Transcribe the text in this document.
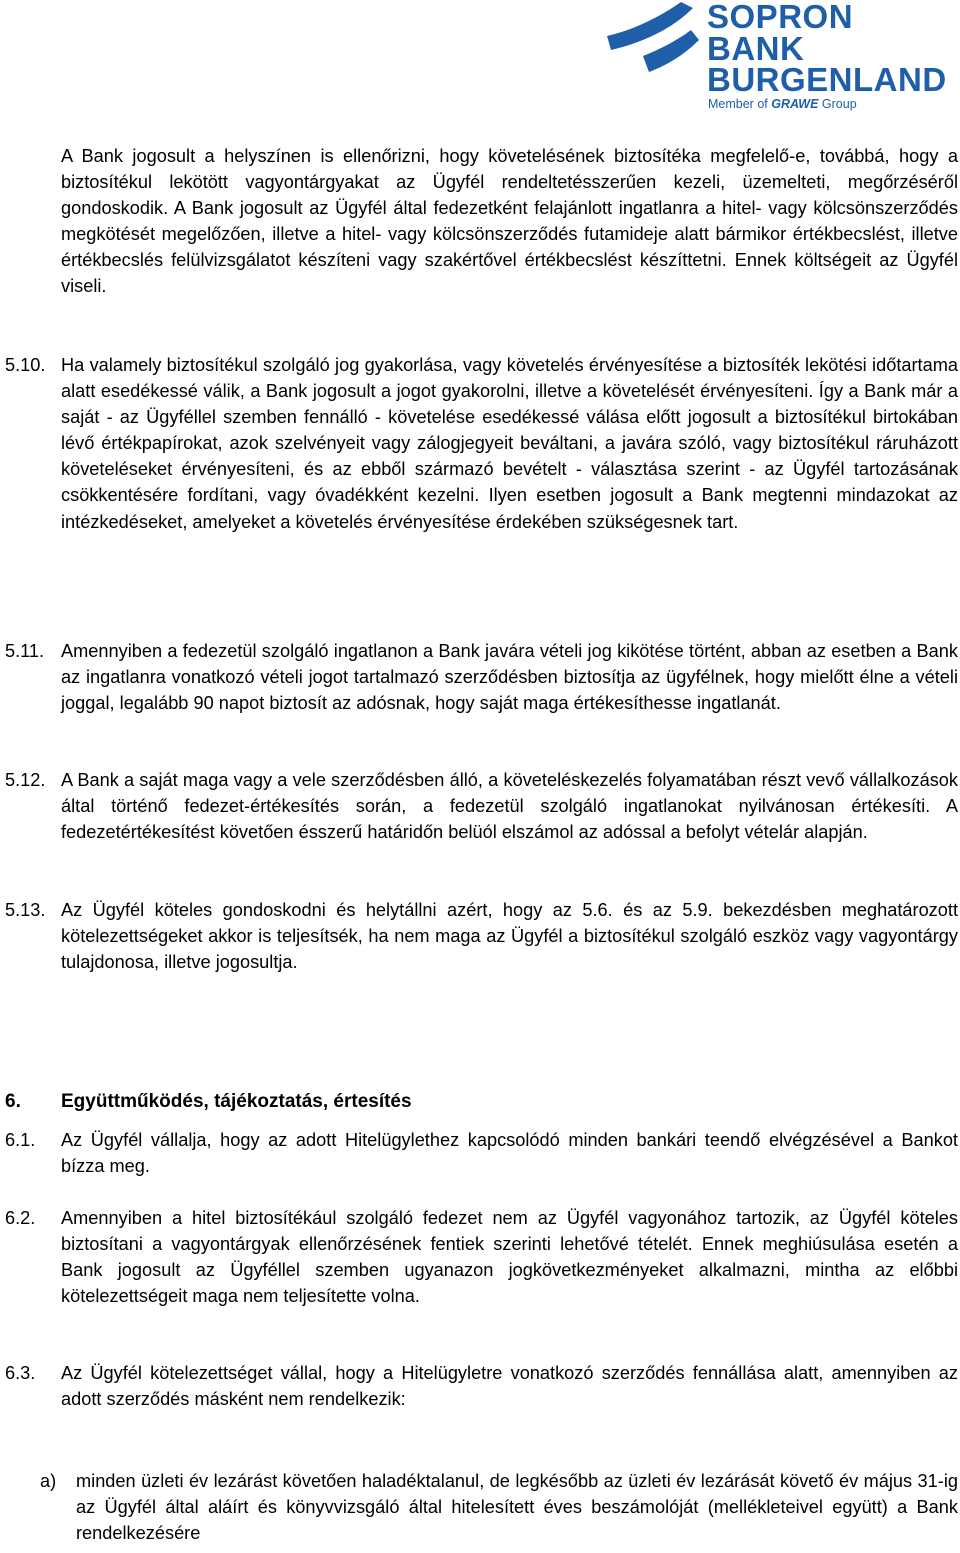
SOPRON
BANK
BURGENLAND
Member of GRAWE Group
A Bank jogosult a helyszínen is ellenőrizni, hogy követelésének biztosítéka megfelelő-e, továbbá, hogy a biztosítékul lekötött vagyontárgyakat az Ügyfél rendeltetésszerűen kezeli, üzemelteti, megőrzéséről gondoskodik. A Bank jogosult az Ügyfél által fedezetként felajánlott ingatlanra a hitel- vagy kölcsönszerződés megkötését megelőzően, illetve a hitel- vagy kölcsönszerződés futamideje alatt bármikor értékbecslést, illetve értékbecslés felülvizsgálatot készíteni vagy szakértővel értékbecslést készíttetni. Ennek költségeit az Ügyfél viseli.
5.10. Ha valamely biztosítékul szolgáló jog gyakorlása, vagy követelés érvényesítése a biztosíték lekötési időtartama alatt esedékessé válik, a Bank jogosult a jogot gyakorolni, illetve a követelését érvényesíteni. Így a Bank már a saját - az Ügyféllel szemben fennálló - követelése esedékessé válása előtt jogosult a biztosítékul birtokában lévő értékpapírokat, azok szelvényeit vagy zálogjegyeit beváltani, a javára szóló, vagy biztosítékul ráruházott követeléseket érvényesíteni, és az ebből származó bevételt - választása szerint - az Ügyfél tartozásának csökkentésére fordítani, vagy óvadékként kezelni. Ilyen esetben jogosult a Bank megtenni mindazokat az intézkedéseket, amelyeket a követelés érvényesítése érdekében szükségesnek tart.
5.11. Amennyiben a fedezetül szolgáló ingatlanon a Bank javára vételi jog kikötése történt, abban az esetben a Bank az ingatlanra vonatkozó vételi jogot tartalmazó szerződésben biztosítja az ügyfélnek, hogy mielőtt élne a vételi joggal, legalább 90 napot biztosít az adósnak, hogy saját maga értékesíthesse ingatlanát.
5.12. A Bank a saját maga vagy a vele szerződésben álló, a követeléskezelés folyamatában részt vevő vállalkozások által történő fedezet-értékesítés során, a fedezetül szolgáló ingatlanokat nyilvánosan értékesíti. A fedezetértékesítést követően ésszerű határidőn belüól elszámol az adóssal a befolyt vételár alapján.
5.13. Az Ügyfél köteles gondoskodni és helytállni azért, hogy az 5.6. és az 5.9. bekezdésben meghatározott kötelezettségeket akkor is teljesítsék, ha nem maga az Ügyfél a biztosítékul szolgáló eszköz vagy vagyontárgy tulajdonosa, illetve jogosultja.
6. Együttműködés, tájékoztatás, értesítés
6.1. Az Ügyfél vállalja, hogy az adott Hitelügylethez kapcsolódó minden bankári teendő elvégzésével a Bankot bízza meg.
6.2. Amennyiben a hitel biztosítékául szolgáló fedezet nem az Ügyfél vagyonához tartozik, az Ügyfél köteles biztosítani a vagyontárgyak ellenőrzésének fentiek szerinti lehetővé tételét. Ennek meghiúsulása esetén a Bank jogosult az Ügyféllel szemben ugyanazon jogkövetkezményeket alkalmazni, mintha az előbbi kötelezettségeit maga nem teljesítette volna.
6.3. Az Ügyfél kötelezettséget vállal, hogy a Hitelügyletre vonatkozó szerződés fennállása alatt, amennyiben az adott szerződés másként nem rendelkezik:
a) minden üzleti év lezárást követően haladéktalanul, de legkésőbb az üzleti év lezárását követő év május 31-ig az Ügyfél által aláírt és könyvvizsgáló által hitelesített éves beszámolóját (mellékleteivel együtt) a Bank rendelkezésére
